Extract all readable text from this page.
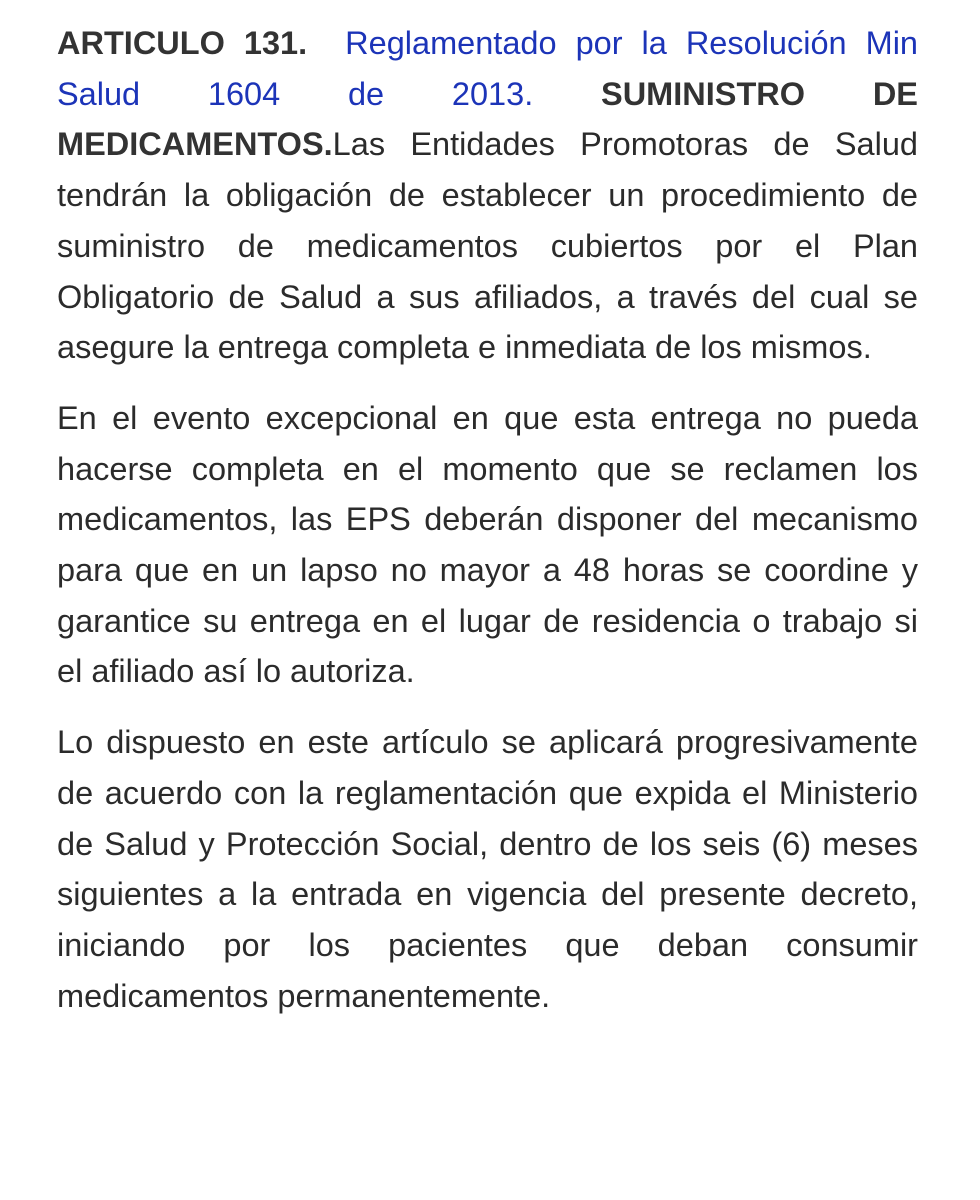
ARTICULO 131. Reglamentado por la Resolución Min Salud 1604 de 2013. SUMINISTRO DE MEDICAMENTOS.Las Entidades Promotoras de Salud tendrán la obligación de establecer un procedimiento de suministro de medicamentos cubiertos por el Plan Obligatorio de Salud a sus afiliados, a través del cual se asegure la entrega completa e inmediata de los mismos.

En el evento excepcional en que esta entrega no pueda hacerse completa en el momento que se reclamen los medicamentos, las EPS deberán disponer del mecanismo para que en un lapso no mayor a 48 horas se coordine y garantice su entrega en el lugar de residencia o trabajo si el afiliado así lo autoriza.

Lo dispuesto en este artículo se aplicará progresivamente de acuerdo con la reglamentación que expida el Ministerio de Salud y Protección Social, dentro de los seis (6) meses siguientes a la entrada en vigencia del presente decreto, iniciando por los pacientes que deban consumir medicamentos permanentemente.
